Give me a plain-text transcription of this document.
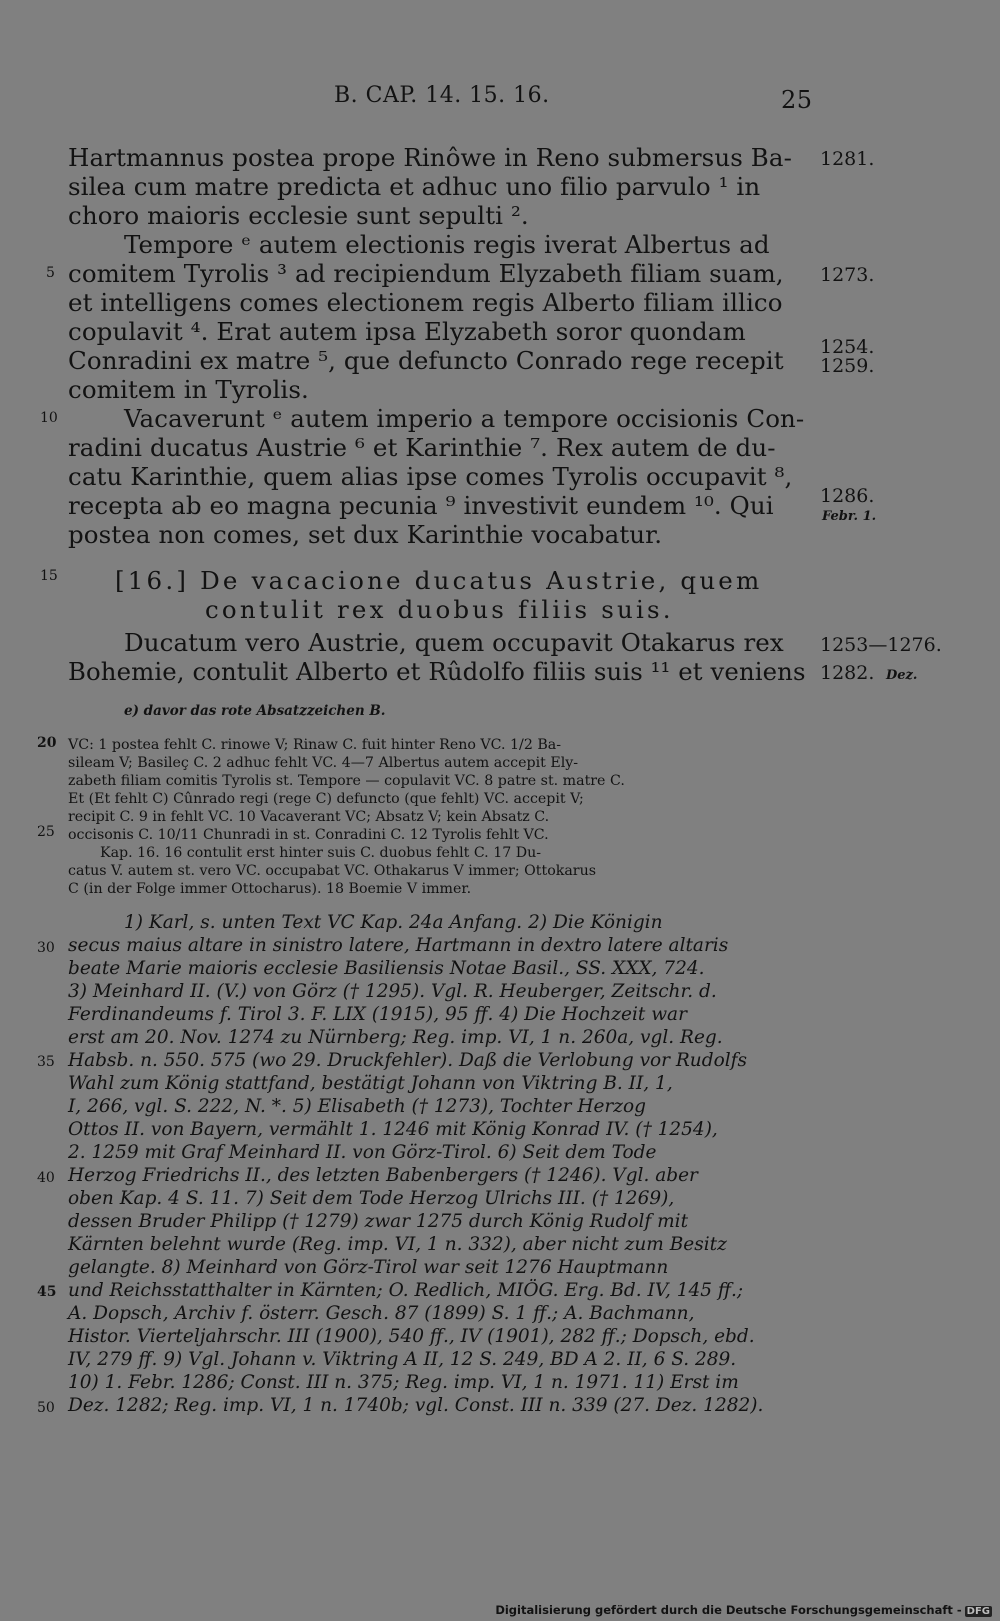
B. CAP. 14. 15. 16.	25
Hartmannus postea prope Rinôwe in Reno submersus Ba-
silea cum matre predicta et adhuc uno filio parvulo ¹ in
choro maioris ecclesie sunt sepulti ².
Tempore ᵉ autem electionis regis iverat Albertus ad
comitem Tyrolis ³ ad recipiendum Elyzabeth filiam suam,
et intelligens comes electionem regis Alberto filiam illico
copulavit ⁴. Erat autem ipsa Elyzabeth soror quondam
Conradini ex matre ⁵, que defuncto Conrado rege recepit
comitem in Tyrolis.
Vacaverunt ᵉ autem imperio a tempore occisionis Con-
radini ducatus Austrie ⁶ et Karinthie ⁷. Rex autem de du-
catu Karinthie, quem alias ipse comes Tyrolis occupavit ⁸,
recepta ab eo magna pecunia ⁹ investivit eundem ¹⁰. Qui
postea non comes, set dux Karinthie vocabatur.
[16.] De vacacione ducatus Austrie, quem
contulit rex duobus filiis suis.
Ducatum vero Austrie, quem occupavit Otakarus rex
Bohemie, contulit Alberto et Rûdolfo filiis suis ¹¹ et veniens
1281.
1273.
1254.
1259.
1286.
Febr. 1.
1253—1276.
1282. Dez.
5
10
15
20
25
30
35
40
45
50
e) davor das rote Absatzzeichen B.
VC: 1 postea fehlt C. rinowe V; Rinaw C. fuit hinter Reno VC. 1/2 Ba-
sileam V; Basileç C. 2 adhuc fehlt VC. 4—7 Albertus autem accepit Ely-
zabeth filiam comitis Tyrolis st. Tempore — copulavit VC. 8 patre st. matre C.
Et (Et fehlt C) Cûnrado regi (rege C) defuncto (que fehlt) VC. accepit V;
recipit C. 9 in fehlt VC. 10 Vacaverant VC; Absatz V; kein Absatz C.
occisonis C. 10/11 Chunradi in st. Conradini C. 12 Tyrolis fehlt VC.
Kap. 16. 16 contulit erst hinter suis C. duobus fehlt C. 17 Du-
catus V. autem st. vero VC. occupabat VC. Othakarus V immer; Ottokarus
C (in der Folge immer Ottocharus). 18 Boemie V immer.
1) Karl, s. unten Text VC Kap. 24a Anfang. 2) Die Königin
secus maius altare in sinistro latere, Hartmann in dextro latere altaris
beate Marie maioris ecclesie Basiliensis Notae Basil., SS. XXX, 724.
3) Meinhard II. (V.) von Görz († 1295). Vgl. R. Heuberger, Zeitschr. d.
Ferdinandeums f. Tirol 3. F. LIX (1915), 95 ff. 4) Die Hochzeit war
erst am 20. Nov. 1274 zu Nürnberg; Reg. imp. VI, 1 n. 260a, vgl. Reg.
Habsb. n. 550. 575 (wo 29. Druckfehler). Daß die Verlobung vor Rudolfs
Wahl zum König stattfand, bestätigt Johann von Viktring B. II, 1,
I, 266, vgl. S. 222, N. *. 5) Elisabeth († 1273), Tochter Herzog
Ottos II. von Bayern, vermählt 1. 1246 mit König Konrad IV. († 1254),
2. 1259 mit Graf Meinhard II. von Görz-Tirol. 6) Seit dem Tode
Herzog Friedrichs II., des letzten Babenbergers († 1246). Vgl. aber
oben Kap. 4 S. 11. 7) Seit dem Tode Herzog Ulrichs III. († 1269),
dessen Bruder Philipp († 1279) zwar 1275 durch König Rudolf mit
Kärnten belehnt wurde (Reg. imp. VI, 1 n. 332), aber nicht zum Besitz
gelangte. 8) Meinhard von Görz-Tirol war seit 1276 Hauptmann
und Reichsstatthalter in Kärnten; O. Redlich, MIÖG. Erg. Bd. IV, 145 ff.;
A. Dopsch, Archiv f. österr. Gesch. 87 (1899) S. 1 ff.; A. Bachmann,
Histor. Vierteljahrschr. III (1900), 540 ff., IV (1901), 282 ff.; Dopsch, ebd.
IV, 279 ff. 9) Vgl. Johann v. Viktring A II, 12 S. 249, BD A 2. II, 6 S. 289.
10) 1. Febr. 1286; Const. III n. 375; Reg. imp. VI, 1 n. 1971. 11) Erst im
Dez. 1282; Reg. imp. VI, 1 n. 1740b; vgl. Const. III n. 339 (27. Dez. 1282).
Digitalisierung gefördert durch die Deutsche Forschungsgemeinschaft - DFG
